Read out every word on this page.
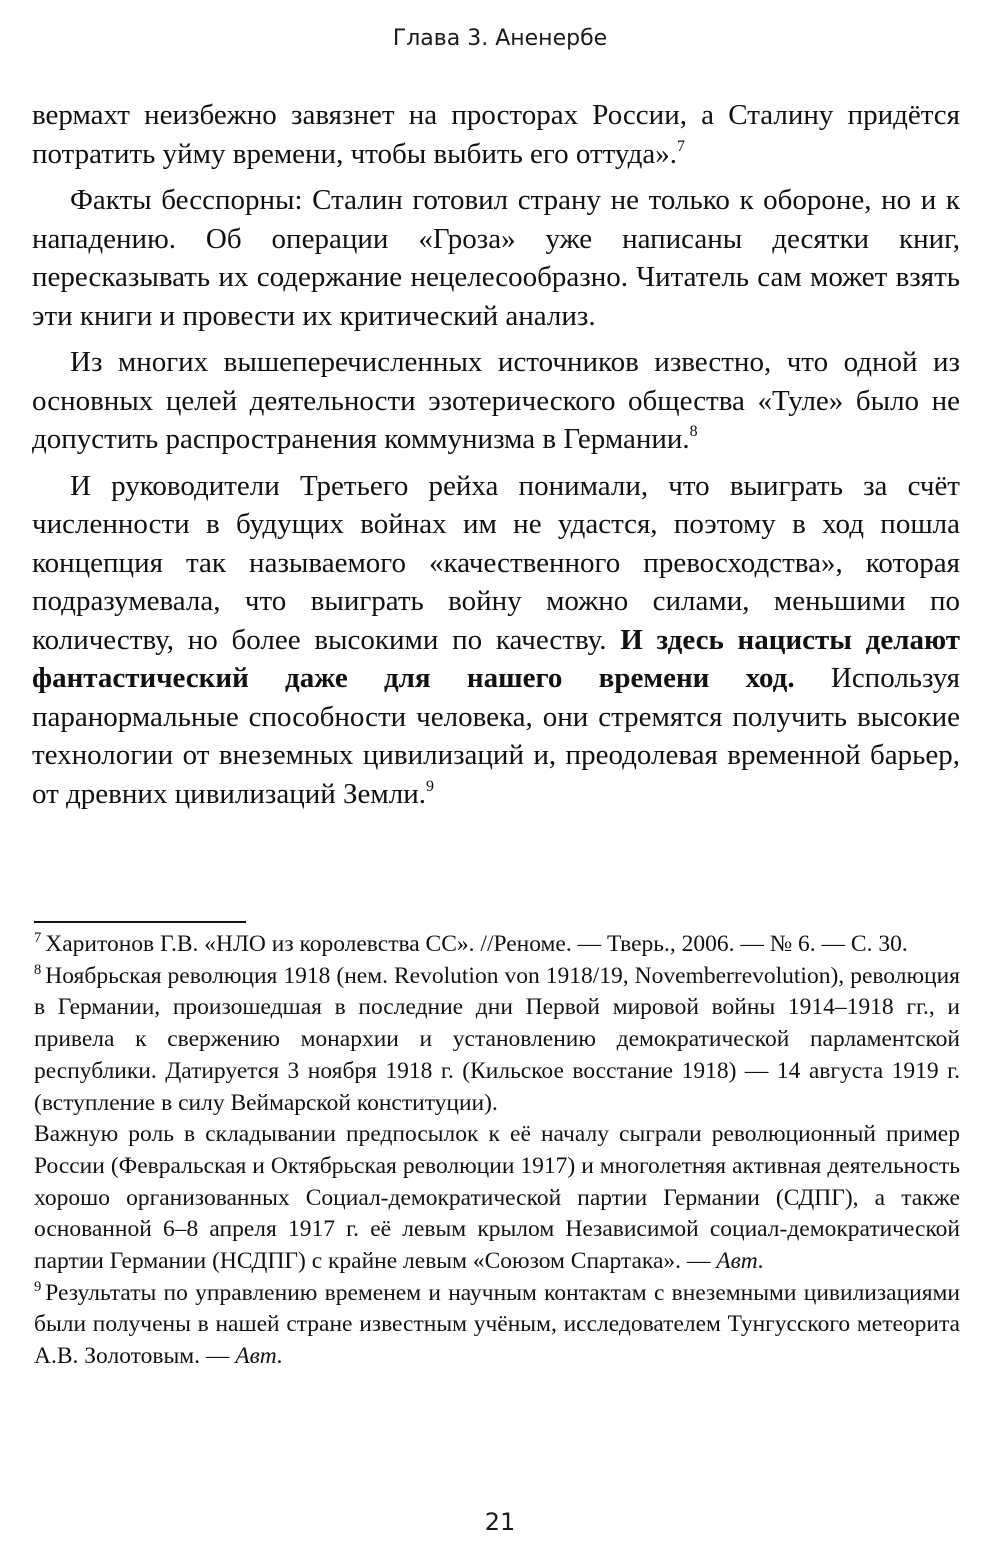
Глава 3. Аненербе

вермахт неизбежно завязнет на просторах России, а Сталину придётся потратить уйму времени, чтобы выбить его оттуда».$^7$

Факты бесспорны: Сталин готовил страну не только к обороне, но и к нападению. Об операции «Гроза» уже написаны десятки книг, пересказывать их содержание нецелесообразно. Читатель сам может взять эти книги и провести их критический анализ.

Из многих вышеперечисленных источников известно, что одной из основных целей деятельности эзотерического общества «Туле» было не допустить распространения коммунизма в Германии.$^8$

И руководители Третьего рейха понимали, что выиграть за счёт численности в будущих войнах им не удастся, поэтому в ход пошла концепция так называемого «качественного превосходства», которая подразумевала, что выиграть войну можно силами, меньшими по количеству, но более высокими по качеству. И здесь нацисты делают фантастический даже для нашего времени ход. Используя паранормальные способности человека, они стремятся получить высокие технологии от внеземных цивилизаций и, преодолевая временной барьер, от древних цивилизаций Земли.$^9$

$^7$ Харитонов Г.В. «НЛО из королевства СС». //Реноме. — Тверь., 2006. — № 6. — С. 30.

$^8$ Ноябрьская революция 1918 (нем. Revolution von 1918/19, Novemberrevolution), революция в Германии, произошедшая в последние дни Первой мировой войны 1914–1918 гг., и привела к свержению монархии и установлению демократической парламентской республики. Датируется 3 ноября 1918 г. (Кильское восстание 1918) — 14 августа 1919 г. (вступление в силу Веймарской конституции).

Важную роль в складывании предпосылок к её началу сыграли революционный пример России (Февральская и Октябрьская революции 1917) и многолетняя активная деятельность хорошо организованных Социал-демократической партии Германии (СДПГ), а также основанной 6–8 апреля 1917 г. её левым крылом Независимой социал-демократической партии Германии (НСДПГ) с крайне левым «Союзом Спартака». — Авт.

$^9$ Результаты по управлению временем и научным контактам с внеземными цивилизациями были получены в нашей стране известным учёным, исследователем Тунгусского метеорита А.В. Золотовым. — Авт.

21
